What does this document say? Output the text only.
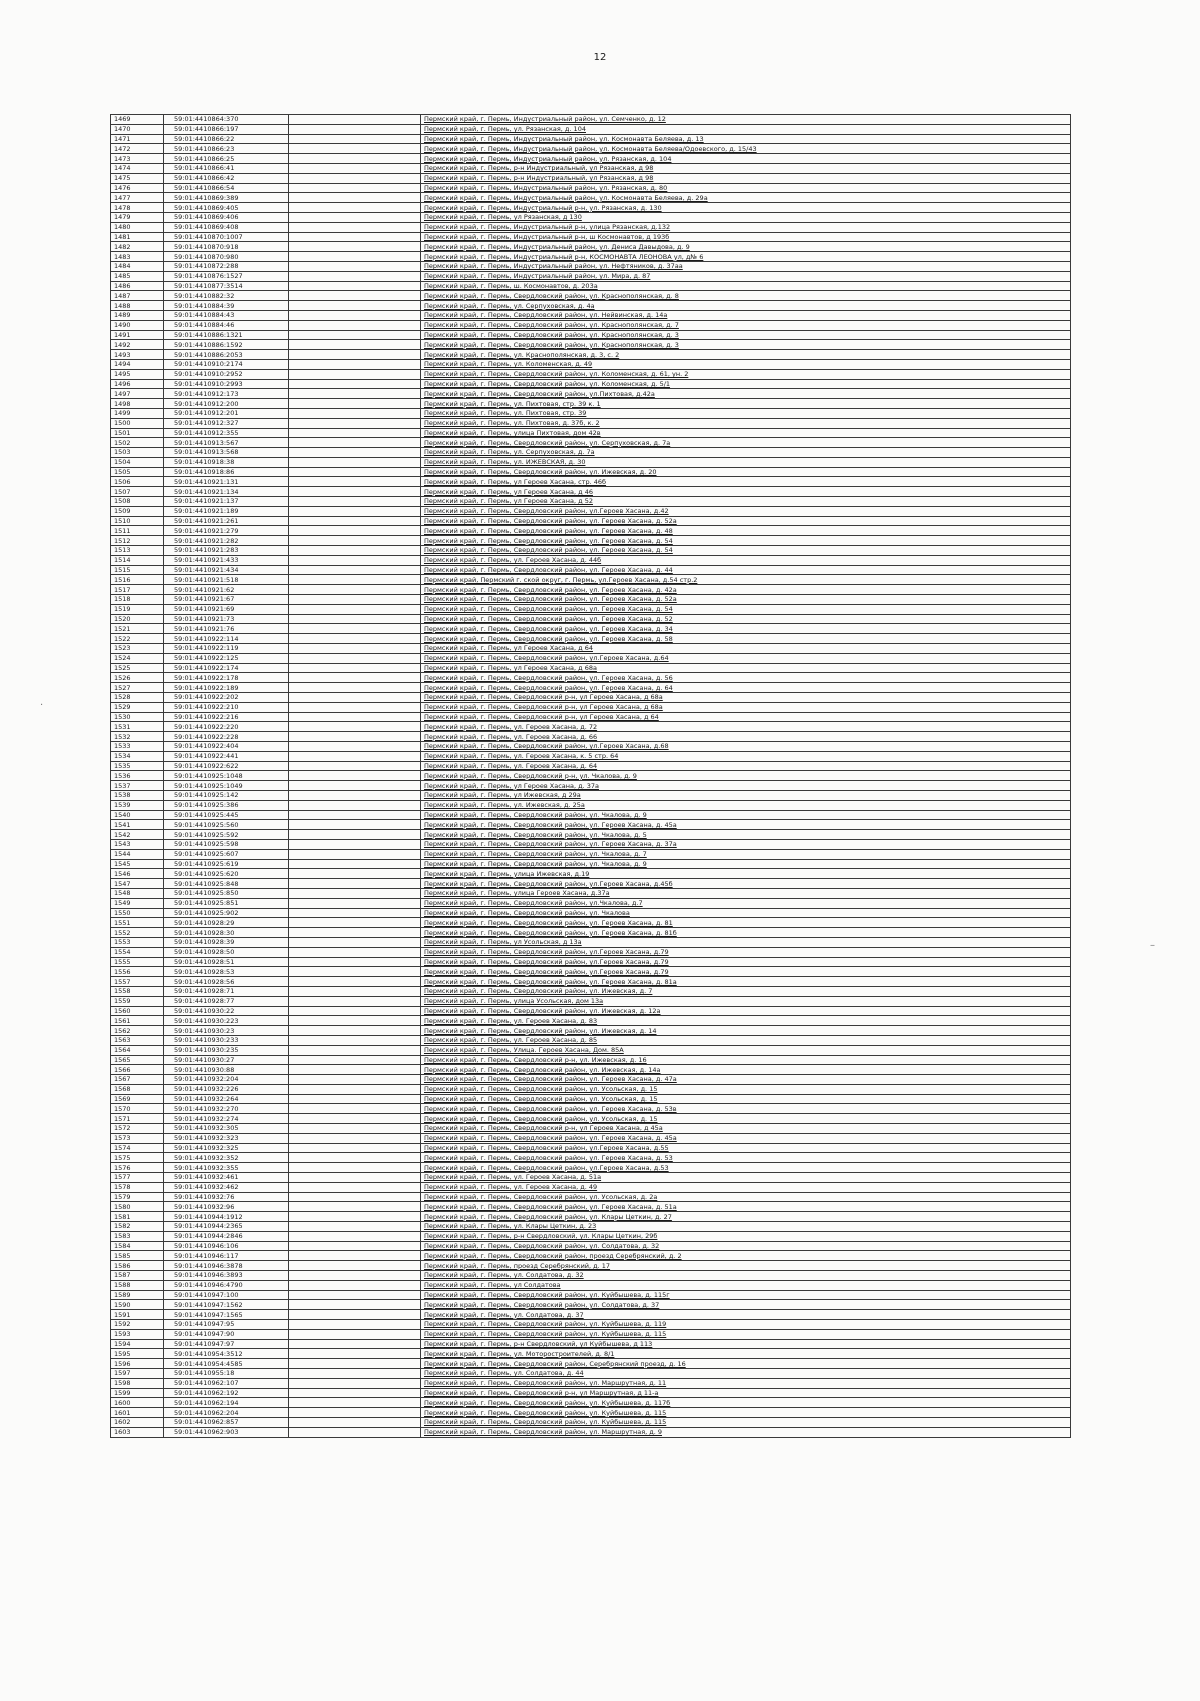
12
1469	59:01:4410864:370		Пермский край, г. Пермь, Индустриальный район, ул. Семченко, д. 12
1470	59:01:4410866:197		Пермский край, г. Пермь, ул. Рязанская, д. 104
1471	59:01:4410866:22		Пермский край, г. Пермь, Индустриальный район, ул. Космонавта Беляева, д. 13
1472	59:01:4410866:23		Пермский край, г. Пермь, Индустриальный район, ул. Космонавта Беляева/Одоевского, д. 15/43
1473	59:01:4410866:25		Пермский край, г. Пермь, Индустриальный район, ул. Рязанская, д. 104
1474	59:01:4410866:41		Пермский край, г. Пермь, р-н Индустриальный, ул Рязанская, д 98
1475	59:01:4410866:42		Пермский край, г. Пермь, р-н Индустриальный, ул Рязанская, д 98
1476	59:01:4410866:54		Пермский край, г. Пермь, Индустриальный район, ул. Рязанская, д. 80
1477	59:01:4410869:389		Пермский край, г. Пермь, Индустриальный район, ул. Космонавта Беляева, д. 29а
1478	59:01:4410869:405		Пермский край, г. Пермь, Индустриальный р-н, ул. Рязанская, д. 130
1479	59:01:4410869:406		Пермский край, г. Пермь, ул Рязанская, д 130
1480	59:01:4410869:408		Пермский край, г. Пермь, Индустриальный р-н, улица Рязанская, д.132
1481	59:01:4410870:1007		Пермский край, г. Пермь, Индустриальный р-н, ш Космонавтов, д 193б
1482	59:01:4410870:918		Пермский край, г. Пермь, Индустриальный район, ул. Дениса Давыдова, д. 9
1483	59:01:4410870:980		Пермский край, г. Пермь, Индустриальный р-н, КОСМОНАВТА ЛЕОНОВА ул, д№ 6
1484	59:01:4410872:288		Пермский край, г. Пермь, Индустриальный район, ул. Нефтяников, д. 37аа
1485	59:01:4410876:1527		Пермский край, г. Пермь, Индустриальный район, ул. Мира, д. 87
1486	59:01:4410877:3514		Пермский край, г. Пермь, ш. Космонавтов, д. 203а
1487	59:01:4410882:32		Пермский край, г. Пермь, Свердловский район, ул. Краснополянская, д. 8
1488	59:01:4410884:39		Пермский край, г. Пермь, ул. Серпуховская, д. 4а
1489	59:01:4410884:43		Пермский край, г. Пермь, Свердловский район, ул. Нейвинская, д. 14а
1490	59:01:4410884:46		Пермский край, г. Пермь, Свердловский район, ул. Краснополянская, д. 7
1491	59:01:4410886:1321		Пермский край, г. Пермь, Свердловский район, ул. Краснополянская, д. 3
1492	59:01:4410886:1592		Пермский край, г. Пермь, Свердловский район, ул. Краснополянская, д. 3
1493	59:01:4410886:2053		Пермский край, г. Пермь, ул. Краснополянская, д. 3, с. 2
1494	59:01:4410910:2174		Пермский край, г. Пермь, ул. Коломенская, д. 49
1495	59:01:4410910:2952		Пермский край, г. Пермь, Свердловский район, ул. Коломенская, д. 61, ун. 2
1496	59:01:4410910:2993		Пермский край, г. Пермь, Свердловский район, ул. Коломенская, д. 5/1
1497	59:01:4410912:173		Пермский край, г. Пермь, Свердловский район, ул.Пихтовая, д.42а
1498	59:01:4410912:200		Пермский край, г. Пермь, ул. Пихтовая, стр. 39 к. 1
1499	59:01:4410912:201		Пермский край, г. Пермь, ул. Пихтовая, стр. 39
1500	59:01:4410912:327		Пермский край, г. Пермь, ул. Пихтовая, д. 37б, к. 2
1501	59:01:4410912:355		Пермский край, г. Пермь, улица Пихтовая, дом 42в
1502	59:01:4410913:567		Пермский край, г. Пермь, Свердловский район, ул. Серпуховская, д. 7а
1503	59:01:4410913:568		Пермский край, г. Пермь, ул. Серпуховская, д. 7а
1504	59:01:4410918:38		Пермский край, г. Пермь, ул. ИЖЕВСКАЯ, д. 30
1505	59:01:4410918:86		Пермский край, г. Пермь, Свердловский район, ул. Ижевская, д. 20
1506	59:01:4410921:131		Пермский край, г. Пермь, ул Героев Хасана, стр. 46б
1507	59:01:4410921:134		Пермский край, г. Пермь, ул Героев Хасана, д 46
1508	59:01:4410921:137		Пермский край, г. Пермь, ул Героев Хасана, д 52
1509	59:01:4410921:189		Пермский край, г. Пермь, Свердловский район, ул.Героев Хасана, д.42
1510	59:01:4410921:261		Пермский край, г. Пермь, Свердловский район, ул. Героев Хасана, д. 52а
1511	59:01:4410921:279		Пермский край, г. Пермь, Свердловский район, ул. Героев Хасана, д. 48
1512	59:01:4410921:282		Пермский край, г. Пермь, Свердловский район, ул. Героев Хасана, д. 54
1513	59:01:4410921:283		Пермский край, г. Пермь, Свердловский район, ул. Героев Хасана, д. 54
1514	59:01:4410921:433		Пермский край, г. Пермь, ул. Героев Хасана, д. 44б
1515	59:01:4410921:434		Пермский край, г. Пермь, Свердловский район, ул. Героев Хасана, д. 44
1516	59:01:4410921:518		Пермский край, Пермский г. ской округ, г. Пермь, ул.Героев Хасана, д.54 стр.2
1517	59:01:4410921:62		Пермский край, г. Пермь, Свердловский район, ул. Героев Хасана, д. 42а
1518	59:01:4410921:67		Пермский край, г. Пермь, Свердловский район, ул. Героев Хасана, д. 52а
1519	59:01:4410921:69		Пермский край, г. Пермь, Свердловский район, ул. Героев Хасана, д. 54
1520	59:01:4410921:73		Пермский край, г. Пермь, Свердловский район, ул. Героев Хасана, д. 52
1521	59:01:4410921:76		Пермский край, г. Пермь, Свердловский район, ул. Героев Хасана, д. 34
1522	59:01:4410922:114		Пермский край, г. Пермь, Свердловский район, ул. Героев Хасана, д. 58
1523	59:01:4410922:119		Пермский край, г. Пермь, ул Героев Хасана, д 64
1524	59:01:4410922:125		Пермский край, г. Пермь, Свердловский район, ул.Героев Хасана, д.64
1525	59:01:4410922:174		Пермский край, г. Пермь, ул Героев Хасана, д 68а
1526	59:01:4410922:178		Пермский край, г. Пермь, Свердловский район, ул. Героев Хасана, д. 56
1527	59:01:4410922:189		Пермский край, г. Пермь, Свердловский район, ул. Героев Хасана, д. 64
1528	59:01:4410922:202		Пермский край, г. Пермь, Свердловский р-н, ул Героев Хасана, д 68а
1529	59:01:4410922:210		Пермский край, г. Пермь, Свердловский р-н, ул Героев Хасана, д 68а
1530	59:01:4410922:216		Пермский край, г. Пермь, Свердловский р-н, ул Героев Хасана, д 64
1531	59:01:4410922:220		Пермский край, г. Пермь, ул. Героев Хасана, д. 72
1532	59:01:4410922:228		Пермский край, г. Пермь, ул. Героев Хасана, д. 66
1533	59:01:4410922:404		Пермский край, г. Пермь, Свердловский район, ул.Героев Хасана, д.68
1534	59:01:4410922:441		Пермский край, г. Пермь, ул. Героев Хасана, к. 5 стр. 64
1535	59:01:4410922:622		Пермский край, г. Пермь, ул. Героев Хасана, д. 64
1536	59:01:4410925:1048		Пермский край, г. Пермь, Свердловский р-н, ул. Чкалова, д. 9
1537	59:01:4410925:1049		Пермский край, г. Пермь, ул Героев Хасана, д. 37а
1538	59:01:4410925:142		Пермский край, г. Пермь, ул Ижевская, д 29а
1539	59:01:4410925:386		Пермский край, г. Пермь, ул. Ижевская, д. 25а
1540	59:01:4410925:445		Пермский край, г. Пермь, Свердловский район, ул. Чкалова, д. 9
1541	59:01:4410925:560		Пермский край, г. Пермь, Свердловский район, ул. Героев Хасана, д. 45а
1542	59:01:4410925:592		Пермский край, г. Пермь, Свердловский район, ул. Чкалова, д. 5
1543	59:01:4410925:598		Пермский край, г. Пермь, Свердловский район, ул. Героев Хасана, д. 37а
1544	59:01:4410925:607		Пермский край, г. Пермь, Свердловский район, ул. Чкалова, д. 7
1545	59:01:4410925:619		Пермский край, г. Пермь, Свердловский район, ул. Чкалова, д. 9
1546	59:01:4410925:620		Пермский край, г. Пермь, улица Ижевская, д.19
1547	59:01:4410925:848		Пермский край, г. Пермь, Свердловский район, ул.Героев Хасана, д.45б
1548	59:01:4410925:850		Пермский край, г. Пермь, улица Героев Хасана, д.37а
1549	59:01:4410925:851		Пермский край, г. Пермь, Свердловский район, ул.Чкалова, д.7
1550	59:01:4410925:902		Пермский край, г. Пермь, Свердловский район, ул. Чкалова
1551	59:01:4410928:29		Пермский край, г. Пермь, Свердловский район, ул. Героев Хасана, д. 81
1552	59:01:4410928:30		Пермский край, г. Пермь, Свердловский район, ул. Героев Хасана, д. 81б
1553	59:01:4410928:39		Пермский край, г. Пермь, ул Усольская, д 13а
1554	59:01:4410928:50		Пермский край, г. Пермь, Свердловский район, ул.Героев Хасана, д.79
1555	59:01:4410928:51		Пермский край, г. Пермь, Свердловский район, ул.Героев Хасана, д.79
1556	59:01:4410928:53		Пермский край, г. Пермь, Свердловский район, ул.Героев Хасана, д.79
1557	59:01:4410928:56		Пермский край, г. Пермь, Свердловский район, ул. Героев Хасана, д. 81а
1558	59:01:4410928:71		Пермский край, г. Пермь, Свердловский район, ул. Ижевская, д. 7
1559	59:01:4410928:77		Пермский край, г. Пермь, улица Усольская, дом 13а
1560	59:01:4410930:22		Пермский край, г. Пермь, Свердловский район, ул. Ижевская, д. 12а
1561	59:01:4410930:223		Пермский край, г. Пермь, ул. Героев Хасана, д. 83
1562	59:01:4410930:23		Пермский край, г. Пермь, Свердловский район, ул. Ижевская, д. 14
1563	59:01:4410930:233		Пермский край, г. Пермь, ул. Героев Хасана, д. 85
1564	59:01:4410930:235		Пермский край, г. Пермь, Улица. Героев Хасана, Дом. 85А
1565	59:01:4410930:27		Пермский край, г. Пермь, Свердловский р-н, ул. Ижевская, д. 16
1566	59:01:4410930:88		Пермский край, г. Пермь, Свердловский район, ул. Ижевская, д. 14а
1567	59:01:4410932:204		Пермский край, г. Пермь, Свердловский район, ул. Героев Хасана, д. 47а
1568	59:01:4410932:226		Пермский край, г. Пермь, Свердловский район, ул. Усольская, д. 15
1569	59:01:4410932:264		Пермский край, г. Пермь, Свердловский район, ул. Усольская, д. 15
1570	59:01:4410932:270		Пермский край, г. Пермь, Свердловский район, ул. Героев Хасана, д. 53в
1571	59:01:4410932:274		Пермский край, г. Пермь, Свердловский район, ул. Усольская, д. 15
1572	59:01:4410932:305		Пермский край, г. Пермь, Свердловский р-н, ул Героев Хасана, д 45а
1573	59:01:4410932:323		Пермский край, г. Пермь, Свердловский район, ул. Героев Хасана, д. 45а
1574	59:01:4410932:325		Пермский край, г. Пермь, Свердловский район, ул.Героев Хасана, д.55
1575	59:01:4410932:352		Пермский край, г. Пермь, Свердловский район, ул. Героев Хасана, д. 53
1576	59:01:4410932:355		Пермский край, г. Пермь, Свердловский район, ул.Героев Хасана, д.53
1577	59:01:4410932:461		Пермский край, г. Пермь, ул. Героев Хасана, д. 51а
1578	59:01:4410932:462		Пермский край, г. Пермь, ул. Героев Хасана, д. 49
1579	59:01:4410932:76		Пермский край, г. Пермь, Свердловский район, ул. Усольская, д. 2а
1580	59:01:4410932:96		Пермский край, г. Пермь, Свердловский район, ул. Героев Хасана, д. 51а
1581	59:01:4410944:1912		Пермский край, г. Пермь, Свердловский район, ул. Клары Цеткин, д. 27
1582	59:01:4410944:2365		Пермский край, г. Пермь, ул. Клары Цеткин, д. 23
1583	59:01:4410944:2846		Пермский край, г. Пермь, р-н Свердловский, ул. Клары Цеткин, 29б
1584	59:01:4410946:106		Пермский край, г. Пермь, Свердловский район, ул. Солдатова, д. 32
1585	59:01:4410946:117		Пермский край, г. Пермь, Свердловский район, проезд Серебрянский, д. 2
1586	59:01:4410946:3878		Пермский край, г. Пермь, проезд Серебрянский, д. 17
1587	59:01:4410946:3893		Пермский край, г. Пермь, ул. Солдатова, д. 32
1588	59:01:4410946:4790		Пермский край, г. Пермь, ул Солдатова
1589	59:01:4410947:100		Пермский край, г. Пермь, Свердловский район, ул. Куйбышева, д. 115г
1590	59:01:4410947:1562		Пермский край, г. Пермь, Свердловский район, ул. Солдатова, д. 37
1591	59:01:4410947:1565		Пермский край, г. Пермь, ул. Солдатова, д. 37
1592	59:01:4410947:95		Пермский край, г. Пермь, Свердловский район, ул. Куйбышева, д. 119
1593	59:01:4410947:90		Пермский край, г. Пермь, Свердловский район, ул. Куйбышева, д. 115
1594	59:01:4410947:97		Пермский край, г. Пермь, р-н Свердловский, ул Куйбышева, д 113
1595	59:01:4410954:3512		Пермский край, г. Пермь, ул. Моторостроителей, д. 8/1
1596	59:01:4410954:4585		Пермский край, г. Пермь, Свердловский район, Серебрянский проезд, д. 16
1597	59:01:4410955:18		Пермский край, г. Пермь, ул. Солдатова, д. 44
1598	59:01:4410962:107		Пермский край, г. Пермь, Свердловский район, ул. Маршрутная, д. 11
1599	59:01:4410962:192		Пермский край, г. Пермь, Свердловский р-н, ул Маршрутная, д 11-а
1600	59:01:4410962:194		Пермский край, г. Пермь, Свердловский район, ул. Куйбышева, д. 117б
1601	59:01:4410962:204		Пермский край, г. Пермь, Свердловский район, ул. Куйбышева, д. 115
1602	59:01:4410962:857		Пермский край, г. Пермь, Свердловский район, ул. Куйбышева, д. 115
1603	59:01:4410962:903		Пермский край, г. Пермь, Свердловский район, ул. Маршрутная, д. 9
·
–
